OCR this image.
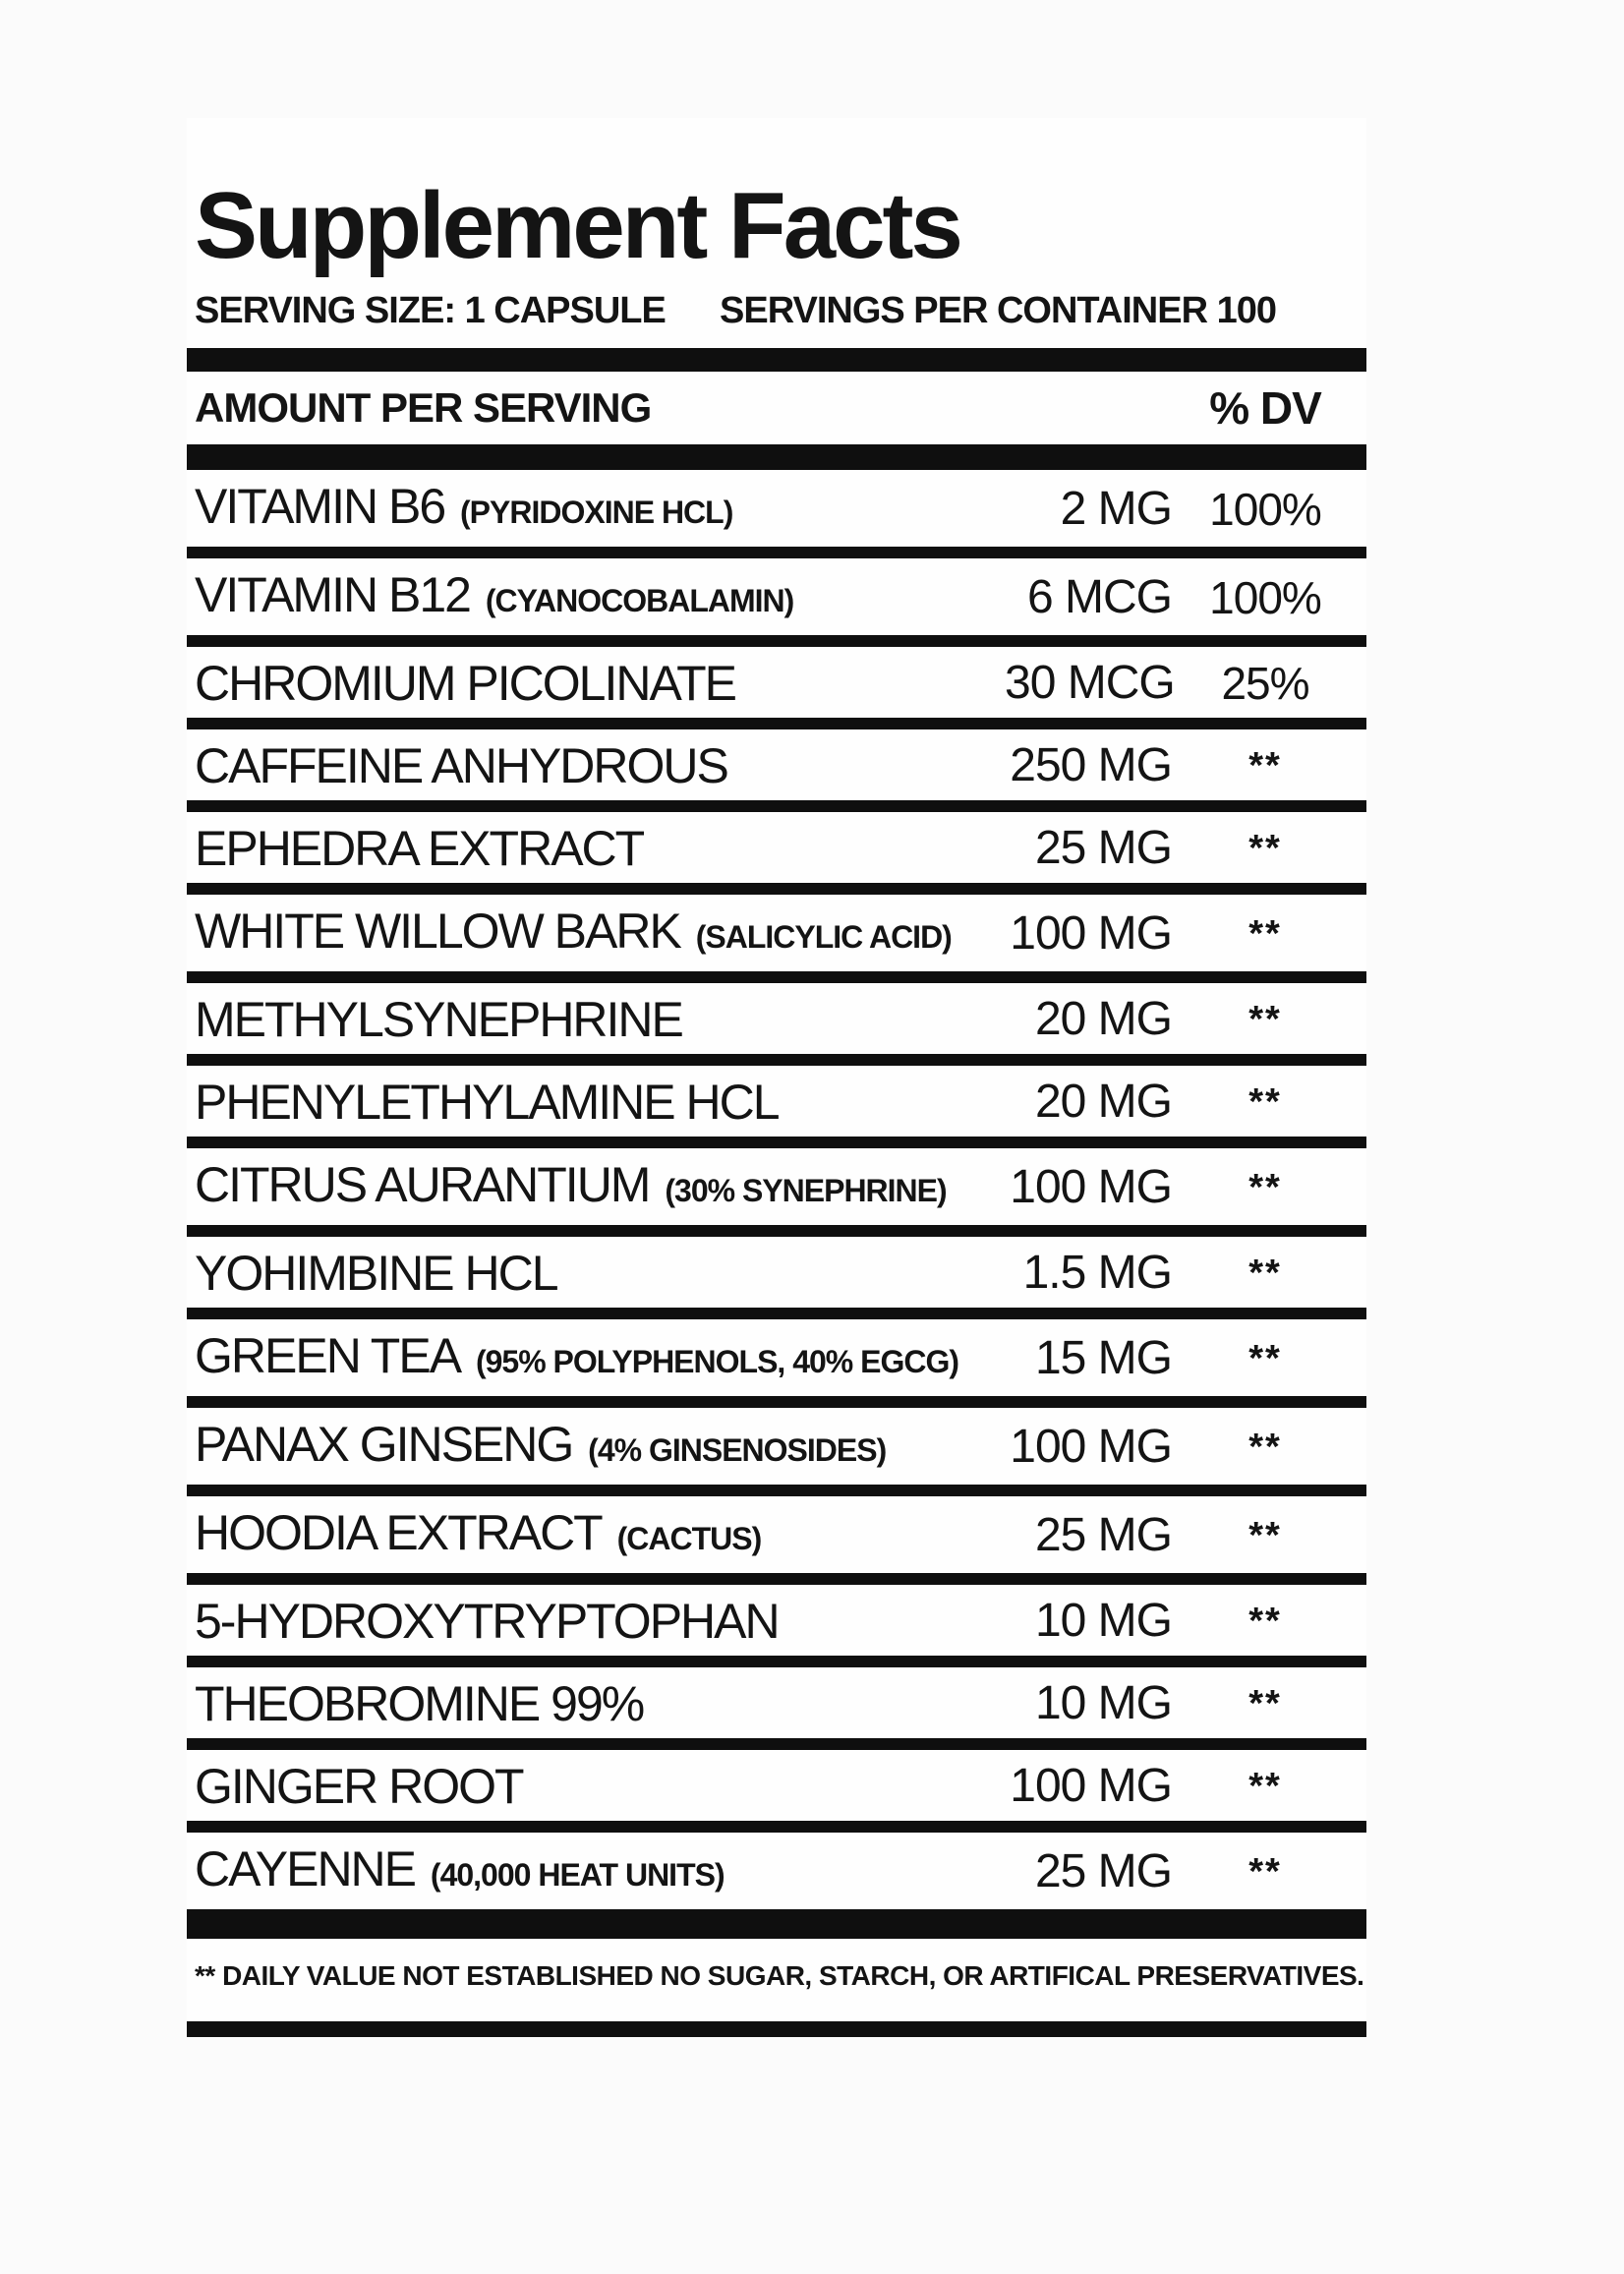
Supplement Facts
SERVING SIZE: 1 CAPSULE SERVINGS PER CONTAINER 100
AMOUNT PER SERVING	% DV
VITAMIN B6 (PYRIDOXINE HCL)	2 MG 100%
VITAMIN B12 (CYANOCOBALAMIN)	6 MCG 100%
CHROMIUM PICOLINATE	30 MCG	25%
CAFFEINE ANHYDROUS	250 MG	**
EPHEDRA EXTRACT	25 MG	**
WHITE WILLOW BARK (SALICYLIC ACID)	100 MG	**
METHYLSYNEPHRINE	20 MG	**
PHENYLETHYLAMINE HCL	20 MG	**
CITRUS AURANTIUM (30% SYNEPHRINE)	100 MG	**
YOHIMBINE HCL	1.5 MG	**
GREEN TEA (95% POLYPHENOLS, 40% EGCG)	15 MG	**
PANAX GINSENG (4% GINSENOSIDES)	100 MG	**
HOODIA EXTRACT (CACTUS)	25 MG	**
5-HYDROXYTRYPTOPHAN	10 MG	**
THEOBROMINE 99%	10 MG	**
GINGER ROOT	100 MG	**
CAYENNE (40,000 HEAT UNITS)	25 MG	**
** DAILY VALUE NOT ESTABLISHED NO SUGAR, STARCH, OR ARTIFICAL PRESERVATIVES.
